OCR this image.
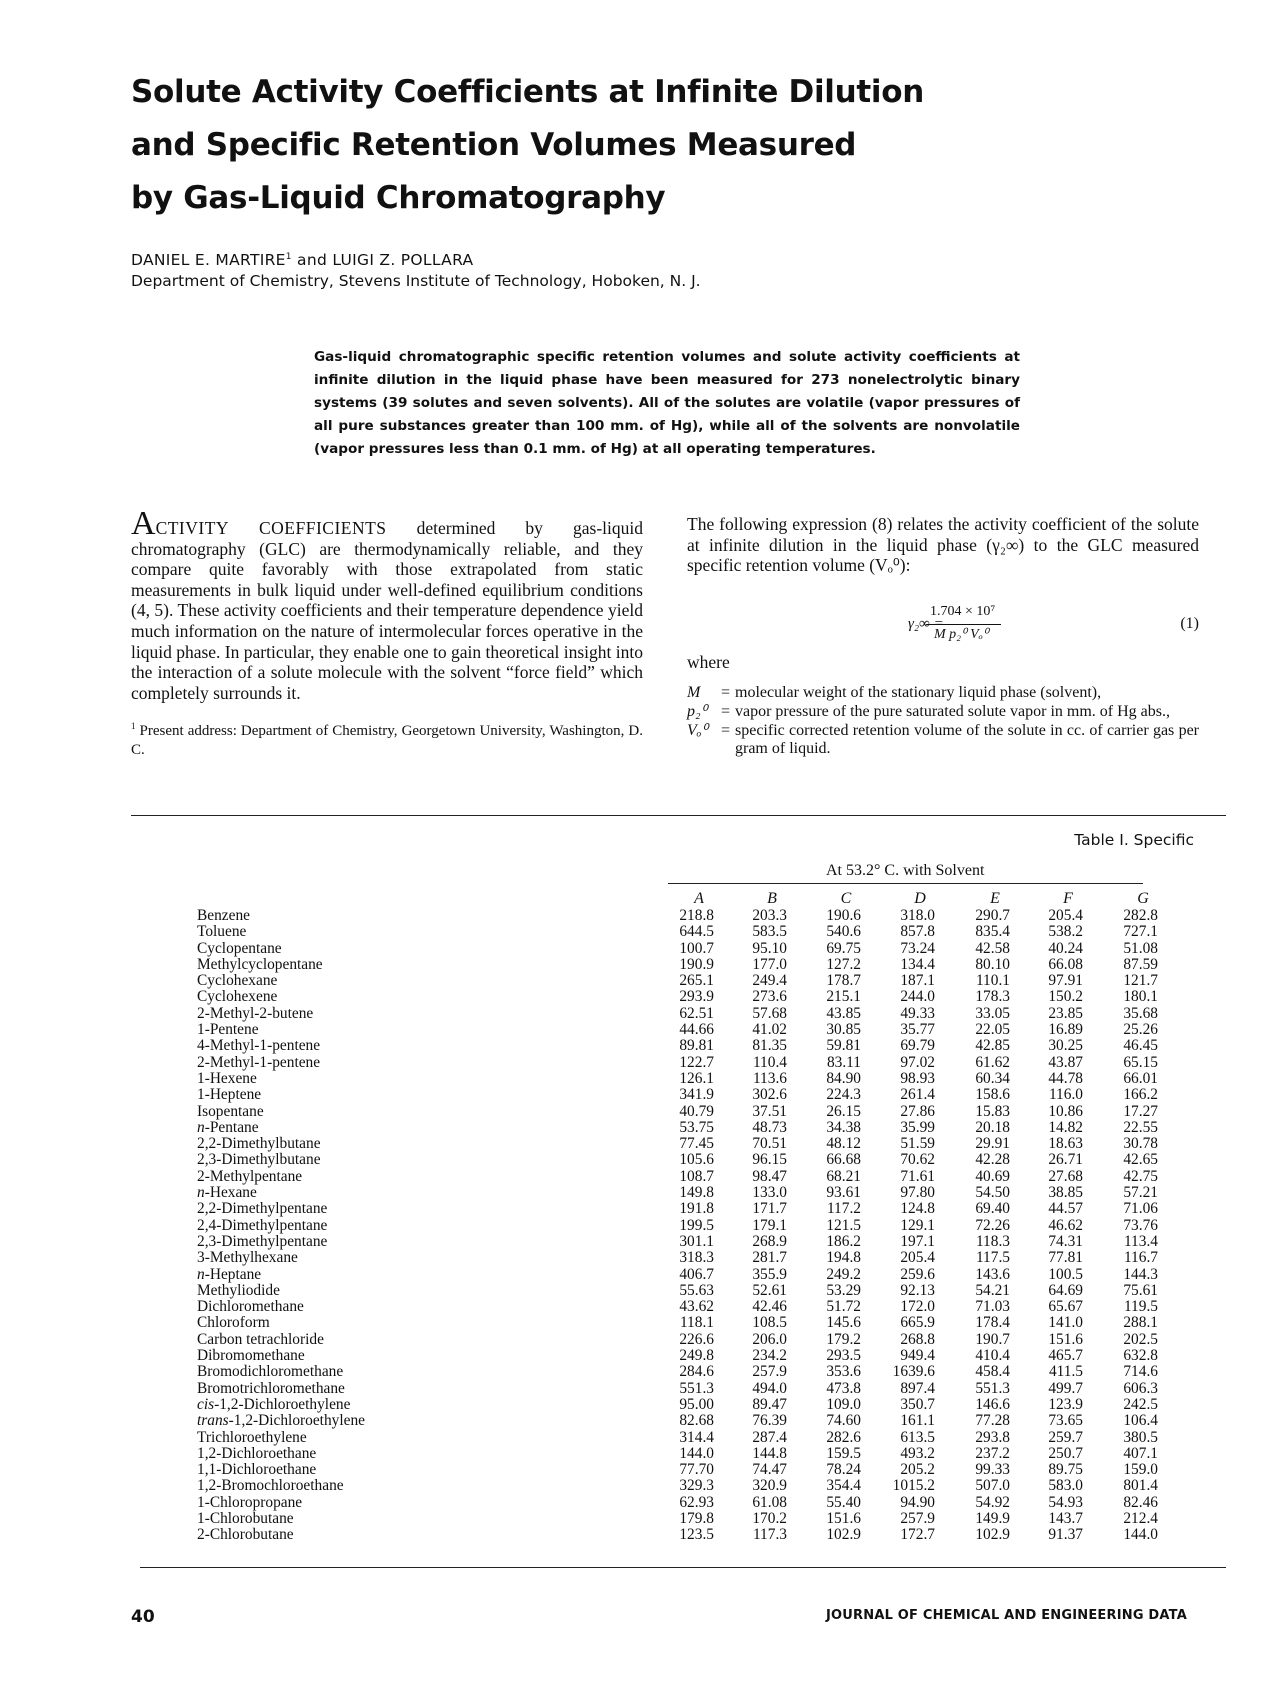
Solute Activity Coefficients at Infinite Dilution
and Specific Retention Volumes Measured
by Gas-Liquid Chromatography
DANIEL E. MARTIRE$^1$ and LUIGI Z. POLLARA
Department of Chemistry, Stevens Institute of Technology, Hoboken, N. J.

Gas-liquid chromatographic specific retention volumes and solute activity coefficients at infinite dilution in the liquid phase have been measured for 273 nonelectrolytic binary systems (39 solutes and seven solvents). All of the solutes are volatile (vapor pressures of all pure substances greater than 100 mm. of Hg), while all of the solvents are nonvolatile (vapor pressures less than 0.1 mm. of Hg) at all operating temperatures.

ACTIVITY COEFFICIENTS determined by gas-liquid chromatography (GLC) are thermodynamically reliable, and they compare quite favorably with those extrapolated from static measurements in bulk liquid under well-defined equilibrium conditions (4, 5). These activity coefficients and their temperature dependence yield much information on the nature of intermolecular forces operative in the liquid phase. In particular, they enable one to gain theoretical insight into the interaction of a solute molecule with the solvent “force field” which completely surrounds it.
$^1$ Present address: Department of Chemistry, Georgetown University, Washington, D. C.
The following expression (8) relates the activity coefficient of the solute at infinite dilution in the liquid phase (γ₂∞) to the GLC measured specific retention volume (Vₒ⁰):
γ₂∞ =
1.704 × 10⁷
M p₂⁰ Vₒ⁰
(1)
where
M	= molecular weight of the stationary liquid phase (solvent),
p₂⁰ = vapor pressure of the pure saturated solute vapor in mm. of Hg abs.,
Vₒ⁰ = specific corrected retention volume of the solute in cc. of carrier gas per gram of liquid.
Table I. Specific
At 53.2° C. with Solvent
A	B	C	D	E	F	G
Benzene	218.8	203.3	190.6	318.0	290.7	205.4	282.8
Toluene	644.5	583.5	540.6	857.8	835.4	538.2	727.1
Cyclopentane	100.7	95.10	69.75	73.24	42.58	40.24	51.08
Methylcyclopentane	190.9	177.0	127.2	134.4	80.10	66.08	87.59
Cyclohexane	265.1	249.4	178.7	187.1	110.1	97.91	121.7
Cyclohexene	293.9	273.6	215.1	244.0	178.3	150.2	180.1
2-Methyl-2-butene	62.51	57.68	43.85	49.33	33.05	23.85	35.68
1-Pentene	44.66	41.02	30.85	35.77	22.05	16.89	25.26
4-Methyl-1-pentene	89.81	81.35	59.81	69.79	42.85	30.25	46.45
2-Methyl-1-pentene	122.7	110.4	83.11	97.02	61.62	43.87	65.15
1-Hexene	126.1	113.6	84.90	98.93	60.34	44.78	66.01
1-Heptene	341.9	302.6	224.3	261.4	158.6	116.0	166.2
Isopentane	40.79	37.51	26.15	27.86	15.83	10.86	17.27
n-Pentane	53.75	48.73	34.38	35.99	20.18	14.82	22.55
2,2-Dimethylbutane	77.45	70.51	48.12	51.59	29.91	18.63	30.78
2,3-Dimethylbutane	105.6	96.15	66.68	70.62	42.28	26.71	42.65
2-Methylpentane	108.7	98.47	68.21	71.61	40.69	27.68	42.75
n-Hexane	149.8	133.0	93.61	97.80	54.50	38.85	57.21
2,2-Dimethylpentane	191.8	171.7	117.2	124.8	69.40	44.57	71.06
2,4-Dimethylpentane	199.5	179.1	121.5	129.1	72.26	46.62	73.76
2,3-Dimethylpentane	301.1	268.9	186.2	197.1	118.3	74.31	113.4
3-Methylhexane	318.3	281.7	194.8	205.4	117.5	77.81	116.7
n-Heptane	406.7	355.9	249.2	259.6	143.6	100.5	144.3
Methyliodide	55.63	52.61	53.29	92.13	54.21	64.69	75.61
Dichloromethane	43.62	42.46	51.72	172.0	71.03	65.67	119.5
Chloroform	118.1	108.5	145.6	665.9	178.4	141.0	288.1
Carbon tetrachloride	226.6	206.0	179.2	268.8	190.7	151.6	202.5
Dibromomethane	249.8	234.2	293.5	949.4	410.4	465.7	632.8
Bromodichloromethane	284.6	257.9	353.6	1639.6	458.4	411.5	714.6
Bromotrichloromethane	551.3	494.0	473.8	897.4	551.3	499.7	606.3
cis-1,2-Dichloroethylene	95.00	89.47	109.0	350.7	146.6	123.9	242.5
trans-1,2-Dichloroethylene	82.68	76.39	74.60	161.1	77.28	73.65	106.4
Trichloroethylene	314.4	287.4	282.6	613.5	293.8	259.7	380.5
1,2-Dichloroethane	144.0	144.8	159.5	493.2	237.2	250.7	407.1
1,1-Dichloroethane	77.70	74.47	78.24	205.2	99.33	89.75	159.0
1,2-Bromochloroethane	329.3	320.9	354.4	1015.2	507.0	583.0	801.4
1-Chloropropane	62.93	61.08	55.40	94.90	54.92	54.93	82.46
1-Chlorobutane	179.8	170.2	151.6	257.9	149.9	143.7	212.4
2-Chlorobutane	123.5	117.3	102.9	172.7	102.9	91.37	144.0
40	JOURNAL OF CHEMICAL AND ENGINEERING DATA
